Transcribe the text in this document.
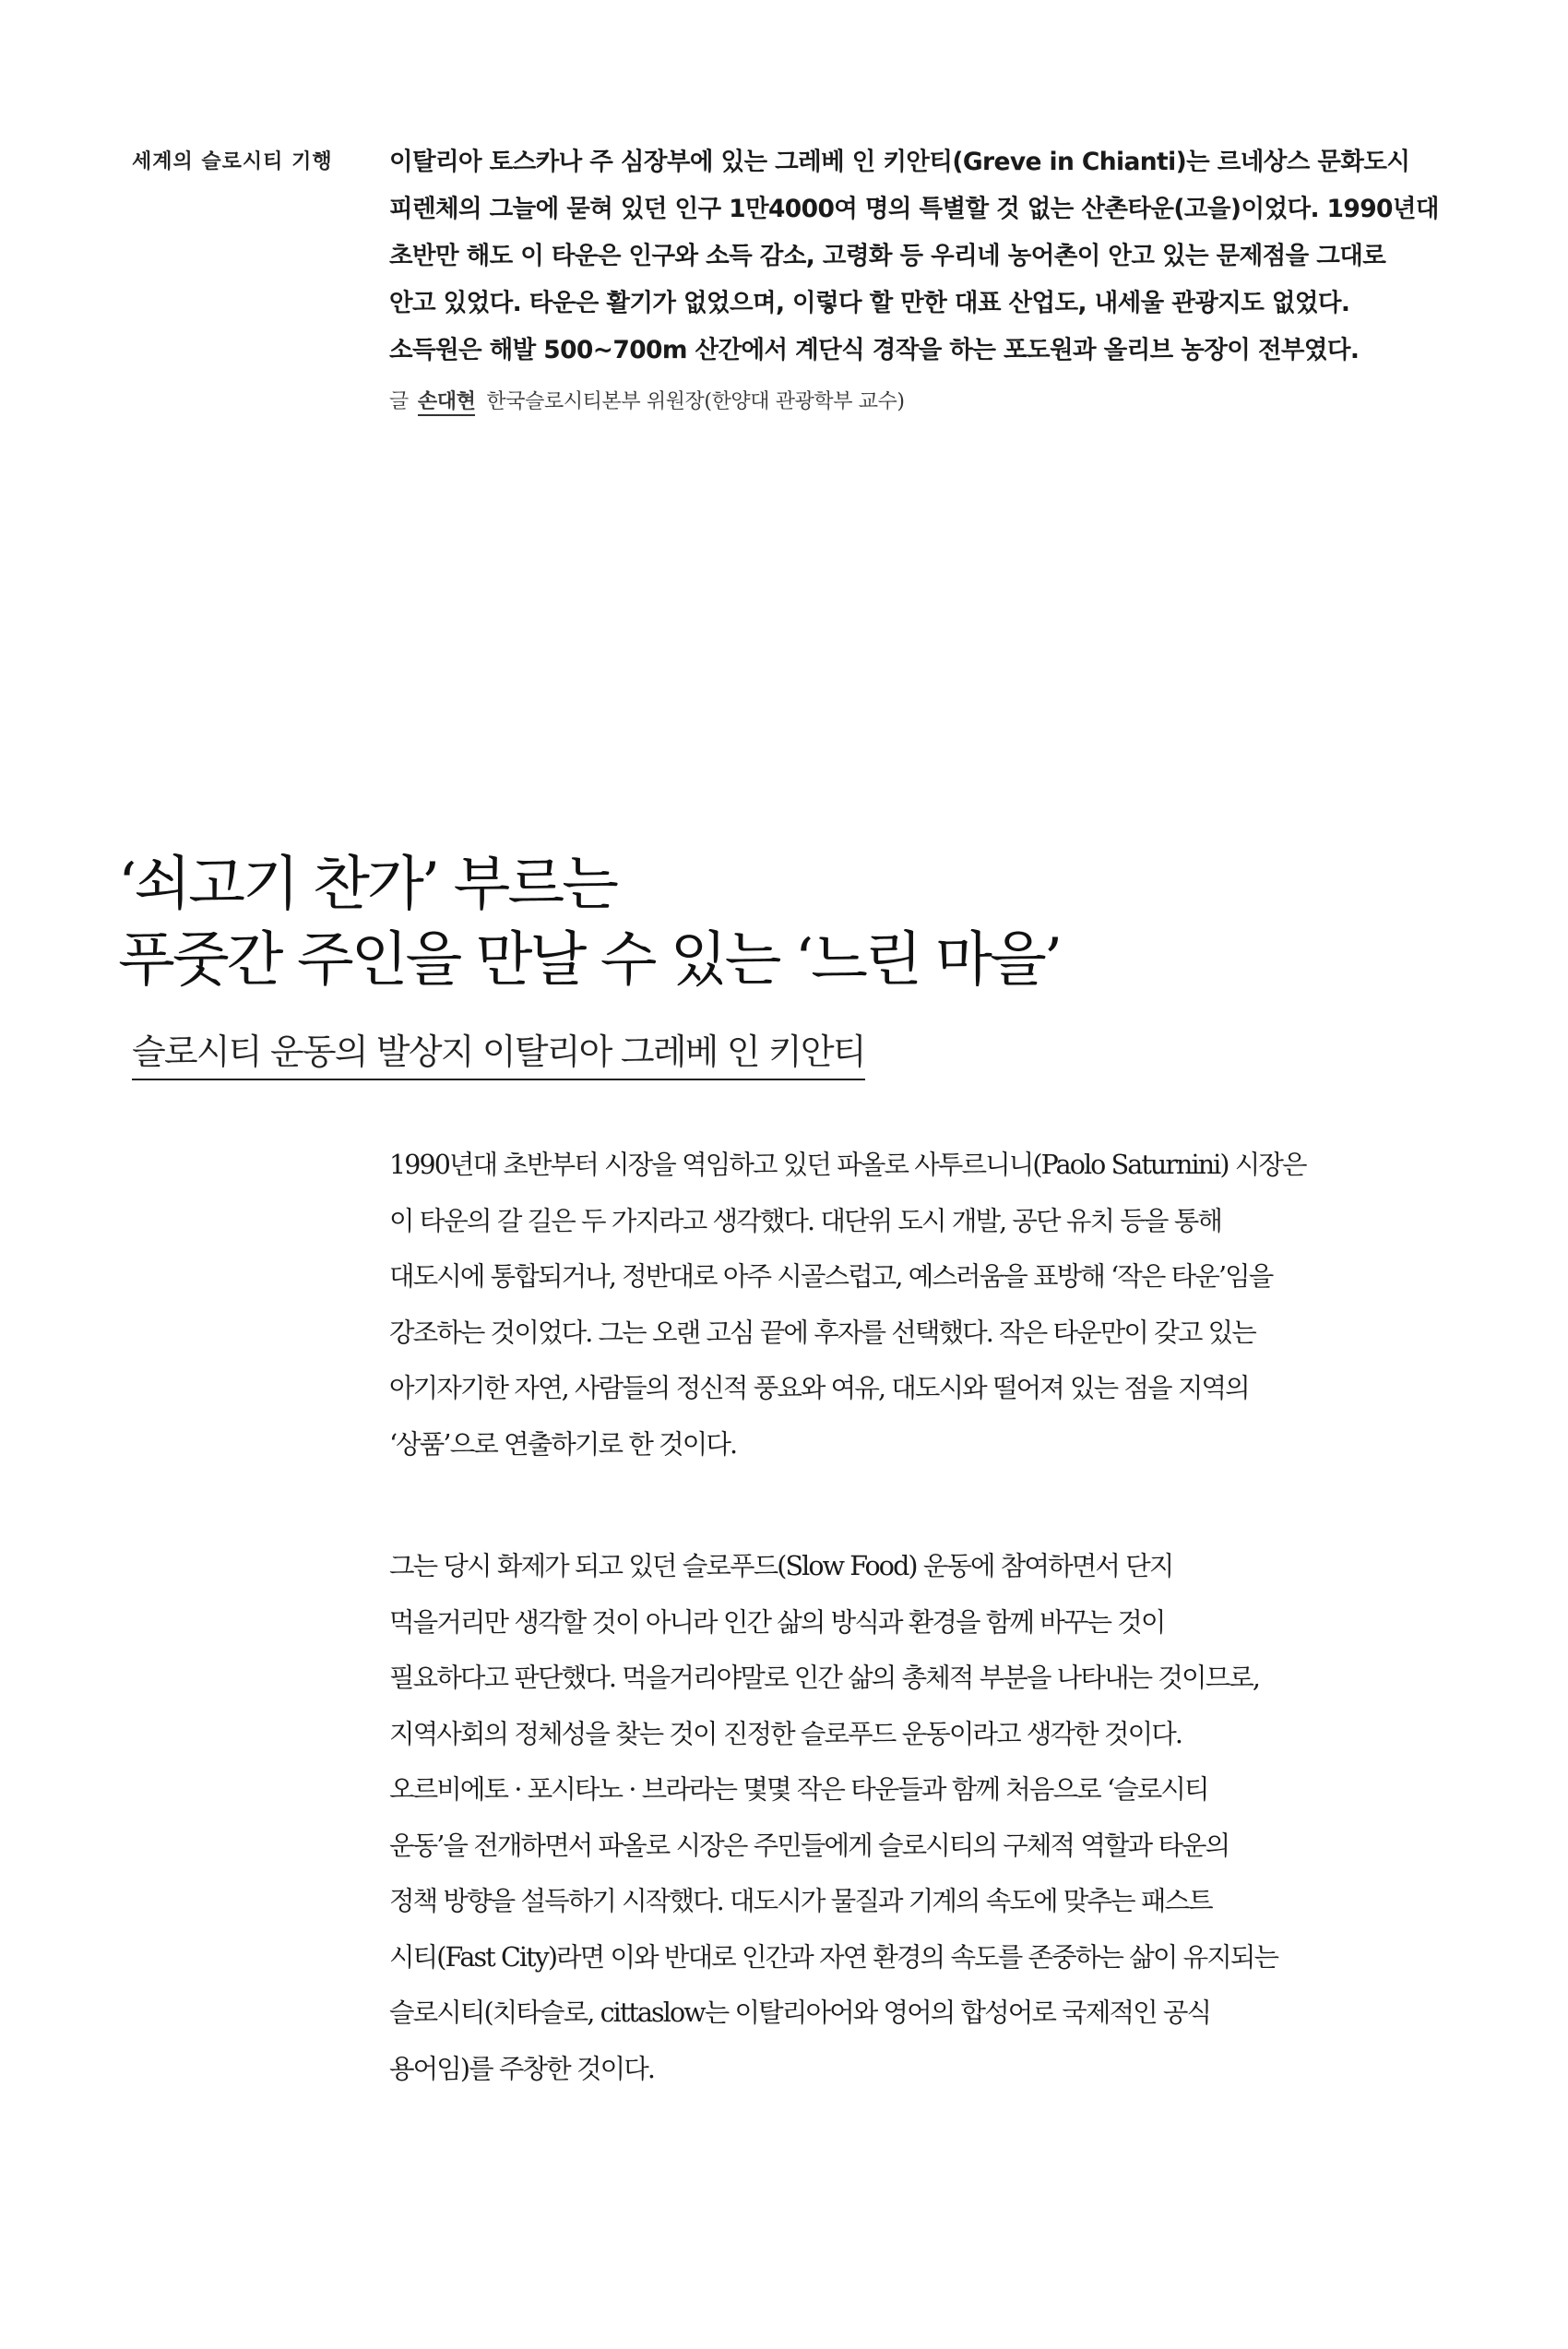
세계의 슬로시티 기행 이탈리아 토스카나 주 심장부에 있는 그레베 인 키안티(Greve in Chianti)는 르네상스 문화도시
피렌체의 그늘에 묻혀 있던 인구 1만4000여 명의 특별할 것 없는 산촌타운(고을)이었다. 1990년대
초반만 해도 이 타운은 인구와 소득 감소, 고령화 등 우리네 농어촌이 안고 있는 문제점을 그대로
안고 있었다. 타운은 활기가 없었으며, 이렇다 할 만한 대표 산업도, 내세울 관광지도 없었다.
소득원은 해발 500~700m 산간에서 계단식 경작을 하는 포도원과 올리브 농장이 전부였다.

글 손대현 한국슬로시티본부 위원장(한양대 관광학부 교수)
‘쇠고기 찬가’ 부르는
푸줏간 주인을 만날 수 있는 ‘느린 마을’
슬로시티 운동의 발상지 이탈리아 그레베 인 키안티

1990년대 초반부터 시장을 역임하고 있던 파올로 사투르니니(Paolo Saturnini) 시장은
이 타운의 갈 길은 두 가지라고 생각했다. 대단위 도시 개발, 공단 유치 등을 통해
대도시에 통합되거나, 정반대로 아주 시골스럽고, 예스러움을 표방해 ‘작은 타운’임을
강조하는 것이었다. 그는 오랜 고심 끝에 후자를 선택했다. 작은 타운만이 갖고 있는
아기자기한 자연, 사람들의 정신적 풍요와 여유, 대도시와 떨어져 있는 점을 지역의
‘상품’으로 연출하기로 한 것이다.

그는 당시 화제가 되고 있던 슬로푸드(Slow Food) 운동에 참여하면서 단지
먹을거리만 생각할 것이 아니라 인간 삶의 방식과 환경을 함께 바꾸는 것이
필요하다고 판단했다. 먹을거리야말로 인간 삶의 총체적 부분을 나타내는 것이므로,
지역사회의 정체성을 찾는 것이 진정한 슬로푸드 운동이라고 생각한 것이다.
오르비에토 · 포시타노 · 브라라는 몇몇 작은 타운들과 함께 처음으로 ‘슬로시티
운동’을 전개하면서 파올로 시장은 주민들에게 슬로시티의 구체적 역할과 타운의
정책 방향을 설득하기 시작했다. 대도시가 물질과 기계의 속도에 맞추는 패스트
시티(Fast City)라면 이와 반대로 인간과 자연 환경의 속도를 존중하는 삶이 유지되는
슬로시티(치타슬로, cittaslow는 이탈리아어와 영어의 합성어로 국제적인 공식
용어임)를 주창한 것이다.
